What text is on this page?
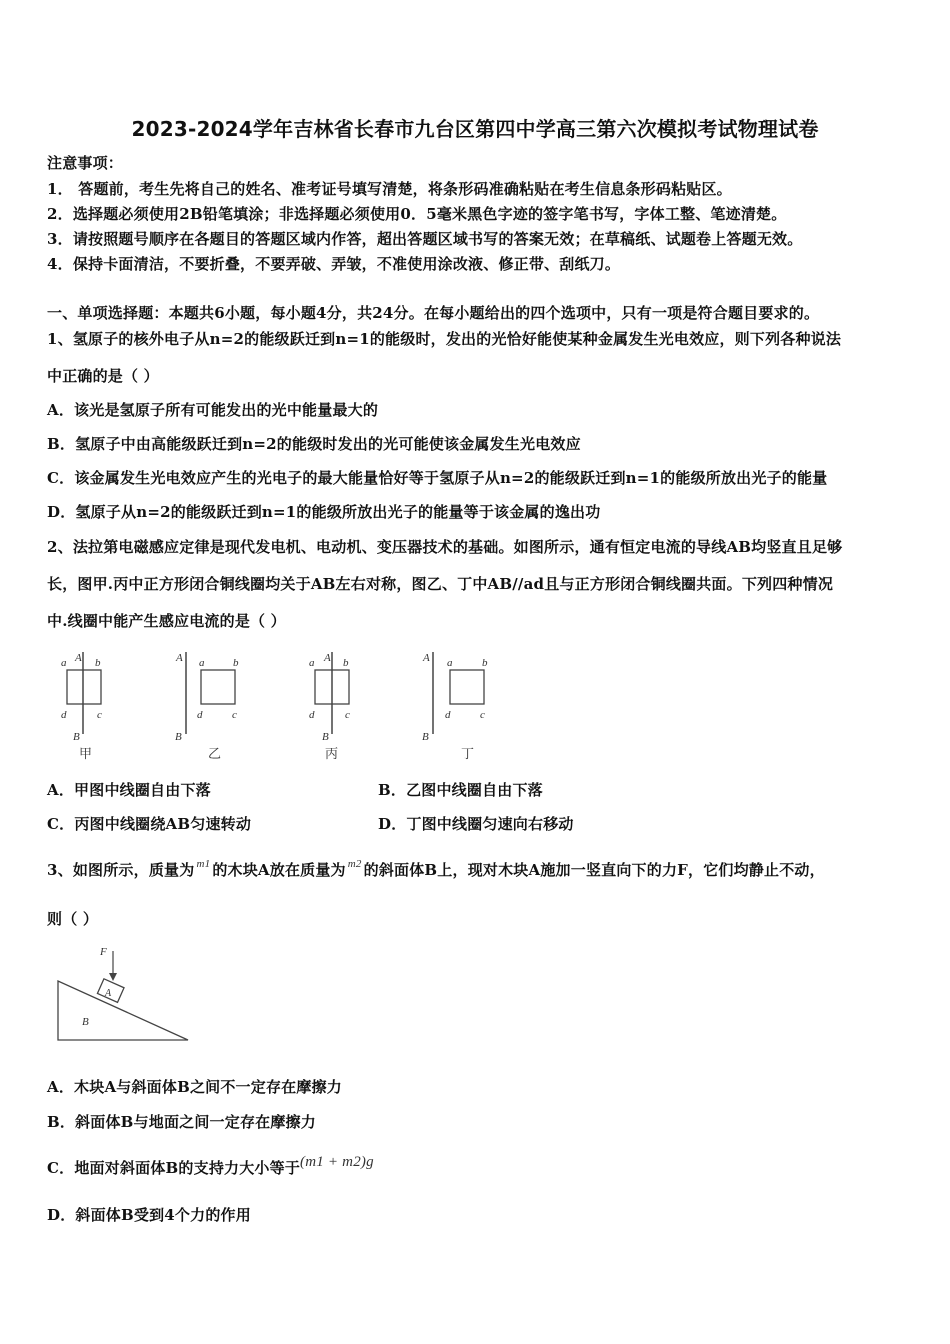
2023-2024学年吉林省长春市九台区第四中学高三第六次模拟考试物理试卷
注意事项：
1． 答题前，考生先将自己的姓名、准考证号填写清楚，将条形码准确粘贴在考生信息条形码粘贴区。
2．选择题必须使用2B铅笔填涂；非选择题必须使用0．5毫米黑色字迹的签字笔书写，字体工整、笔迹清楚。
3．请按照题号顺序在各题目的答题区域内作答，超出答题区域书写的答案无效；在草稿纸、试题卷上答题无效。
4．保持卡面清洁，不要折叠，不要弄破、弄皱，不准使用涂改液、修正带、刮纸刀。
一、单项选择题：本题共6小题，每小题4分，共24分。在每小题给出的四个选项中，只有一项是符合题目要求的。
1、氢原子的核外电子从n=2的能级跃迁到n=1的能级时，发出的光恰好能使某种金属发生光电效应，则下列各种说法
中正确的是（ ）
A．该光是氢原子所有可能发出的光中能量最大的
B．氢原子中由高能级跃迁到n=2的能级时发出的光可能使该金属发生光电效应
C．该金属发生光电效应产生的光电子的最大能量恰好等于氢原子从n=2的能级跃迁到n=1的能级所放出光子的能量
D．氢原子从n=2的能级跃迁到n=1的能级所放出光子的能量等于该金属的逸出功
2、法拉第电磁感应定律是现代发电机、电动机、变压器技术的基础。如图所示，通有恒定电流的导线AB均竖直且足够
长，图甲.丙中正方形闭合铜线圈均关于AB左右对称，图乙、丁中AB//ad且与正方形闭合铜线圈共面。下列四种情况
中.线圈中能产生感应电流的是（ ）
A
B
a	b
c
d
甲
A
B
a	b
c
d
乙
A
B
a	b
c
d
丙
A
B
a	b
c
d
丁
A．甲图中线圈自由下落	B．乙图中线圈自由下落
C．丙图中线圈绕AB匀速转动	D．丁图中线圈匀速向右移动
3、如图所示，质量为 $^{m1}$ 的木块A放在质量为 $^{m2}$ 的斜面体B上，现对木块A施加一竖直向下的力F，它们均静止不动，
则（ ）
F
A
B
A．木块A与斜面体B之间不一定存在摩擦力
B．斜面体B与地面之间一定存在摩擦力
C．地面对斜面体B的支持力大小等于(m1 + m2)g
D．斜面体B受到4个力的作用
